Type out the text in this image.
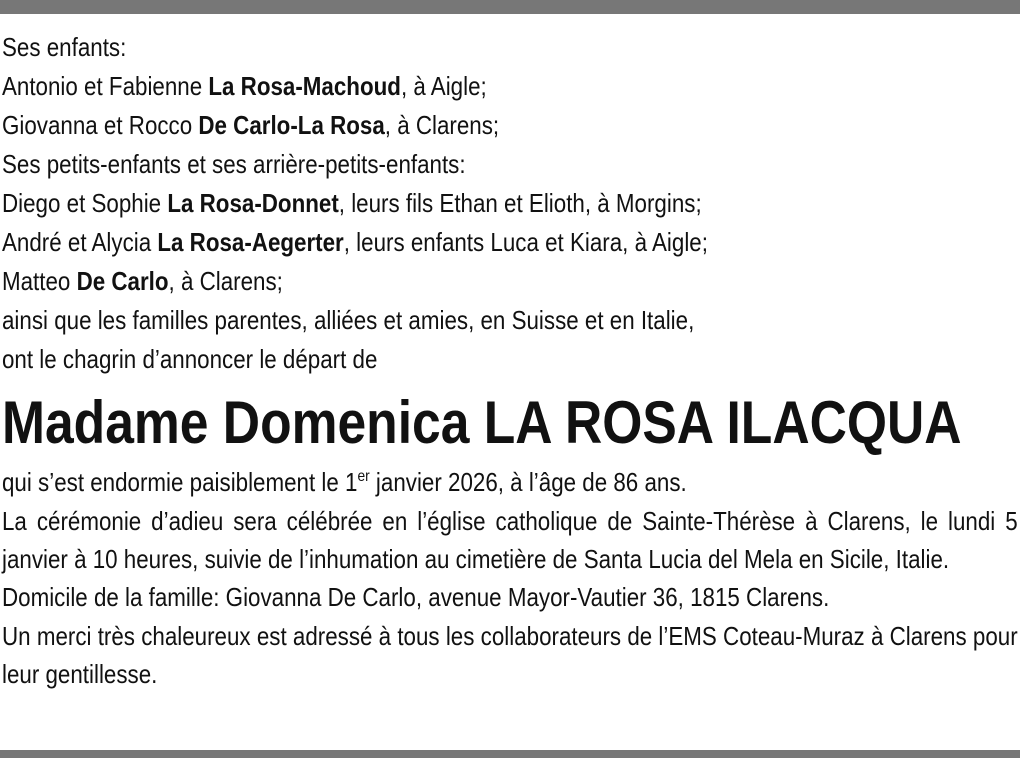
Ses enfants:
Antonio et Fabienne La Rosa-Machoud, à Aigle;
Giovanna et Rocco De Carlo-La Rosa, à Clarens;
Ses petits-enfants et ses arrière-petits-enfants:
Diego et Sophie La Rosa-Donnet, leurs fils Ethan et Elioth, à Morgins;
André et Alycia La Rosa-Aegerter, leurs enfants Luca et Kiara, à Aigle;
Matteo De Carlo, à Clarens;
ainsi que les familles parentes, alliées et amies, en Suisse et en Italie,
ont le chagrin d’annoncer le départ de
Madame Domenica LA ROSA ILACQUA
qui s’est endormie paisiblement le 1er janvier 2026, à l’âge de 86 ans.
La cérémonie d’adieu sera célébrée en l’église catholique de Sainte-Thérèse à Clarens, le lundi 5 janvier à 10 heures, suivie de l’inhumation au cimetière de Santa Lucia del Mela en Sicile, Italie.
Domicile de la famille: Giovanna De Carlo, avenue Mayor-Vautier 36, 1815 Clarens.
Un merci très chaleureux est adressé à tous les collaborateurs de l’EMS Coteau-Muraz à Clarens pour leur gentillesse.
